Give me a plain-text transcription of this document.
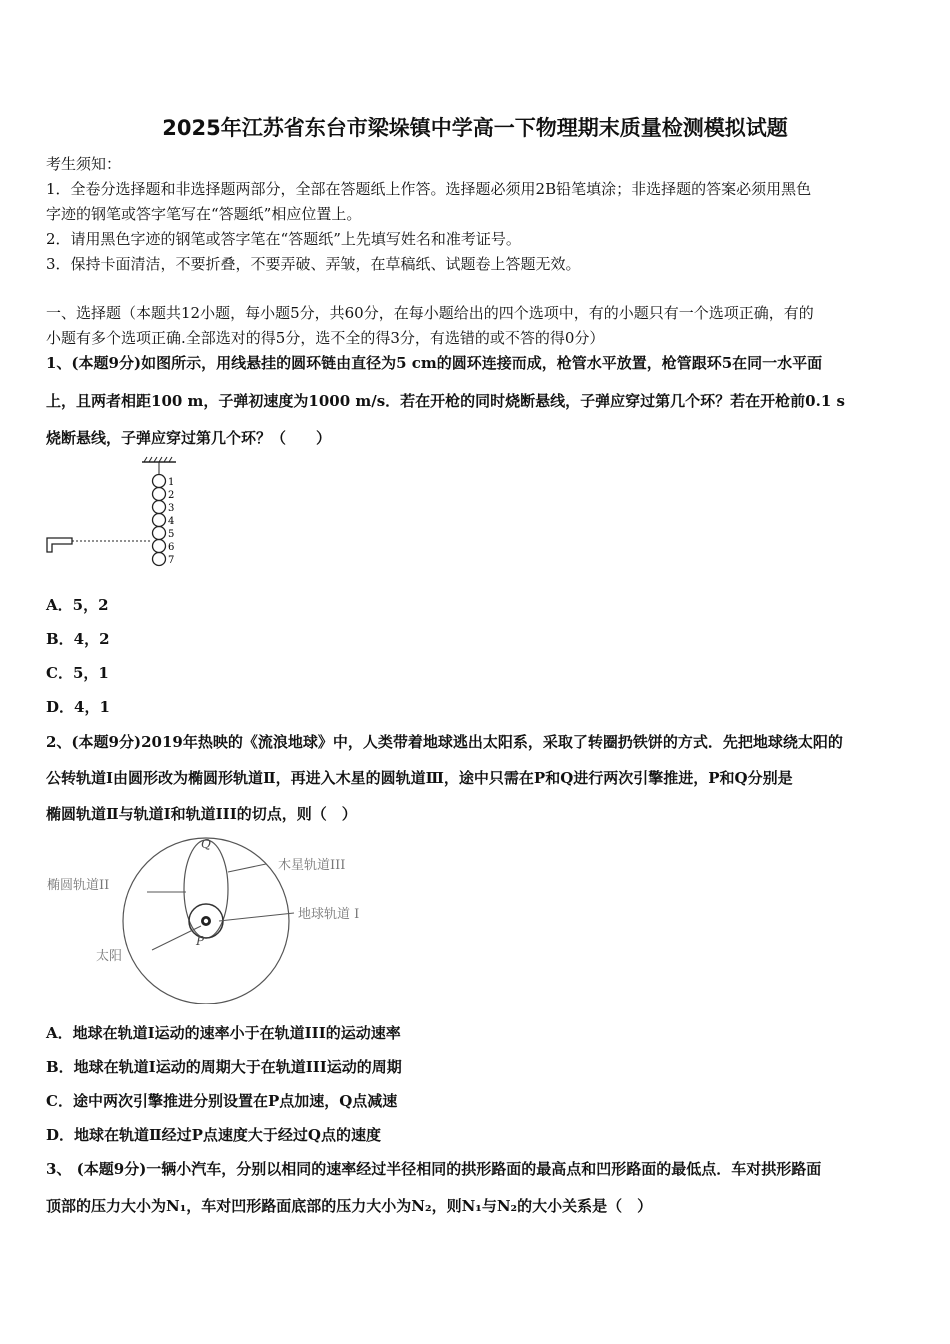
2025年江苏省东台市梁垛镇中学高一下物理期末质量检测模拟试题
考生须知：
1．全卷分选择题和非选择题两部分，全部在答题纸上作答。选择题必须用2B铅笔填涂；非选择题的答案必须用黑色
字迹的钢笔或答字笔写在“答题纸”相应位置上。
2．请用黑色字迹的钢笔或答字笔在“答题纸”上先填写姓名和准考证号。
3．保持卡面清洁，不要折叠，不要弄破、弄皱，在草稿纸、试题卷上答题无效。
一、选择题（本题共12小题，每小题5分，共60分，在每小题给出的四个选项中，有的小题只有一个选项正确，有的
小题有多个选项正确.全部选对的得5分，选不全的得3分，有选错的或不答的得0分）
1、(本题9分)如图所示，用线悬挂的圆环链由直径为5 cm的圆环连接而成，枪管水平放置，枪管跟环5在同一水平面
上，且两者相距100 m，子弹初速度为1000 m/s．若在开枪的同时烧断悬线，子弹应穿过第几个环？若在开枪前0.1 s
烧断悬线，子弹应穿过第几个环？（　　）
1
2
3
4
5
6
7
A．5，2
B．4，2
C．5，1
D．4，1
2、(本题9分)2019年热映的《流浪地球》中，人类带着地球逃出太阳系，采取了转圈扔铁饼的方式．先把地球绕太阳的
公转轨道I由圆形改为椭圆形轨道Ⅱ，再进入木星的圆轨道Ⅲ，途中只需在P和Q进行两次引擎推进，P和Q分别是
椭圆轨道Ⅱ与轨道I和轨道III的切点，则（　）
Q
P
木星轨道III
椭圆轨道II
地球轨道 I
太阳
A．地球在轨道I运动的速率小于在轨道III的运动速率
B．地球在轨道I运动的周期大于在轨道III运动的周期
C．途中两次引擎推进分别设置在P点加速，Q点减速
D．地球在轨道Ⅱ经过P点速度大于经过Q点的速度
3、 (本题9分)一辆小汽车，分别以相同的速率经过半径相同的拱形路面的最高点和凹形路面的最低点．车对拱形路面
顶部的压力大小为N₁，车对凹形路面底部的压力大小为N₂，则N₁与N₂的大小关系是（　）
